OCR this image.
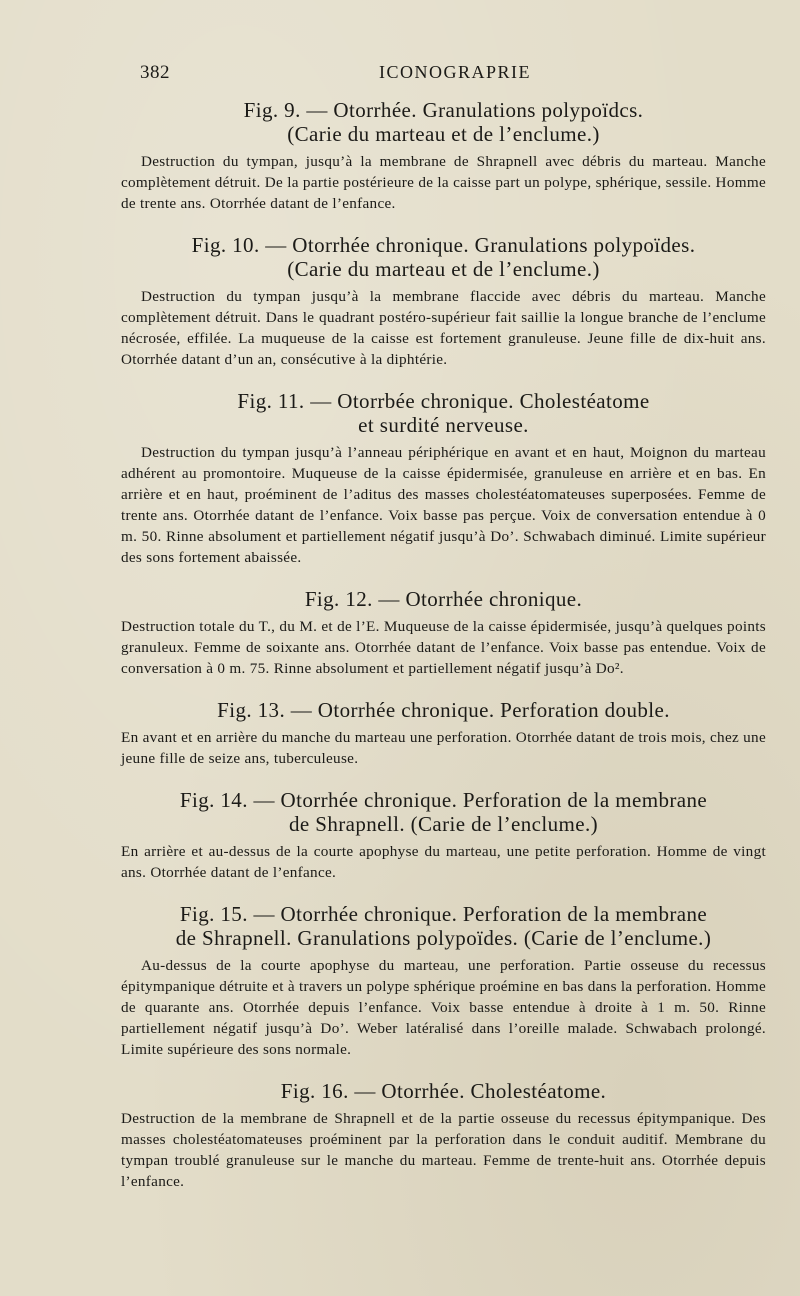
382	ICONOGRAPRIE
Fig. 9. — Otorrhée. Granulations polypoïdcs.
(Carie du marteau et de l’enclume.)

Destruction du tympan, jusqu’à la membrane de Shrapnell avec débris du marteau. Manche complètement détruit. De la partie postérieure de la caisse part un polype, sphérique, sessile. Homme de trente ans. Otorrhée datant de l’enfance.

Fig. 10. — Otorrhée chronique. Granulations polypoïdes.
(Carie du marteau et de l’enclume.)

Destruction du tympan jusqu’à la membrane flaccide avec débris du marteau. Manche complètement détruit. Dans le quadrant postéro-supérieur fait saillie la longue branche de l’enclume nécrosée, effilée. La muqueuse de la caisse est fortement granuleuse. Jeune fille de dix-huit ans. Otorrhée datant d’un an, consécutive à la diphtérie.

Fig. 11. — Otorrbée chronique. Cholestéatome
et surdité nerveuse.

Destruction du tympan jusqu’à l’anneau périphérique en avant et en haut, Moignon du marteau adhérent au promontoire. Muqueuse de la caisse épidermisée, granuleuse en arrière et en bas. En arrière et en haut, proéminent de l’aditus des masses cholestéatomateuses superposées. Femme de trente ans. Otorrhée datant de l’enfance. Voix basse pas perçue. Voix de conversation entendue à 0 m. 50. Rinne absolument et partiellement négatif jusqu’à Do’. Schwabach diminué. Limite supérieur des sons fortement abaissée.

Fig. 12. — Otorrhée chronique.

Destruction totale du T., du M. et de l’E. Muqueuse de la caisse épidermisée, jusqu’à quelques points granuleux. Femme de soixante ans. Otorrhée datant de l’enfance. Voix basse pas entendue. Voix de conversation à 0 m. 75. Rinne absolument et partiellement négatif jusqu’à Do².

Fig. 13. — Otorrhée chronique. Perforation double.

En avant et en arrière du manche du marteau une perforation. Otorrhée datant de trois mois, chez une jeune fille de seize ans, tuberculeuse.

Fig. 14. — Otorrhée chronique. Perforation de la membrane
de Shrapnell. (Carie de l’enclume.)

En arrière et au-dessus de la courte apophyse du marteau, une petite perforation. Homme de vingt ans. Otorrhée datant de l’enfance.

Fig. 15. — Otorrhée chronique. Perforation de la membrane
de Shrapnell. Granulations polypoïdes. (Carie de l’enclume.)

Au-dessus de la courte apophyse du marteau, une perforation. Partie osseuse du recessus épitympanique détruite et à travers un polype sphérique proémine en bas dans la perforation. Homme de quarante ans. Otorrhée depuis l’enfance. Voix basse entendue à droite à 1 m. 50. Rinne partiellement négatif jusqu’à Do’. Weber latéralisé dans l’oreille malade. Schwabach prolongé. Limite supérieure des sons normale.

Fig. 16. — Otorrhée. Cholestéatome.

Destruction de la membrane de Shrapnell et de la partie osseuse du recessus épitympanique. Des masses cholestéatomateuses proéminent par la perforation dans le conduit auditif. Membrane du tympan troublé granuleuse sur le manche du marteau. Femme de trente-huit ans. Otorrhée depuis l’enfance.
